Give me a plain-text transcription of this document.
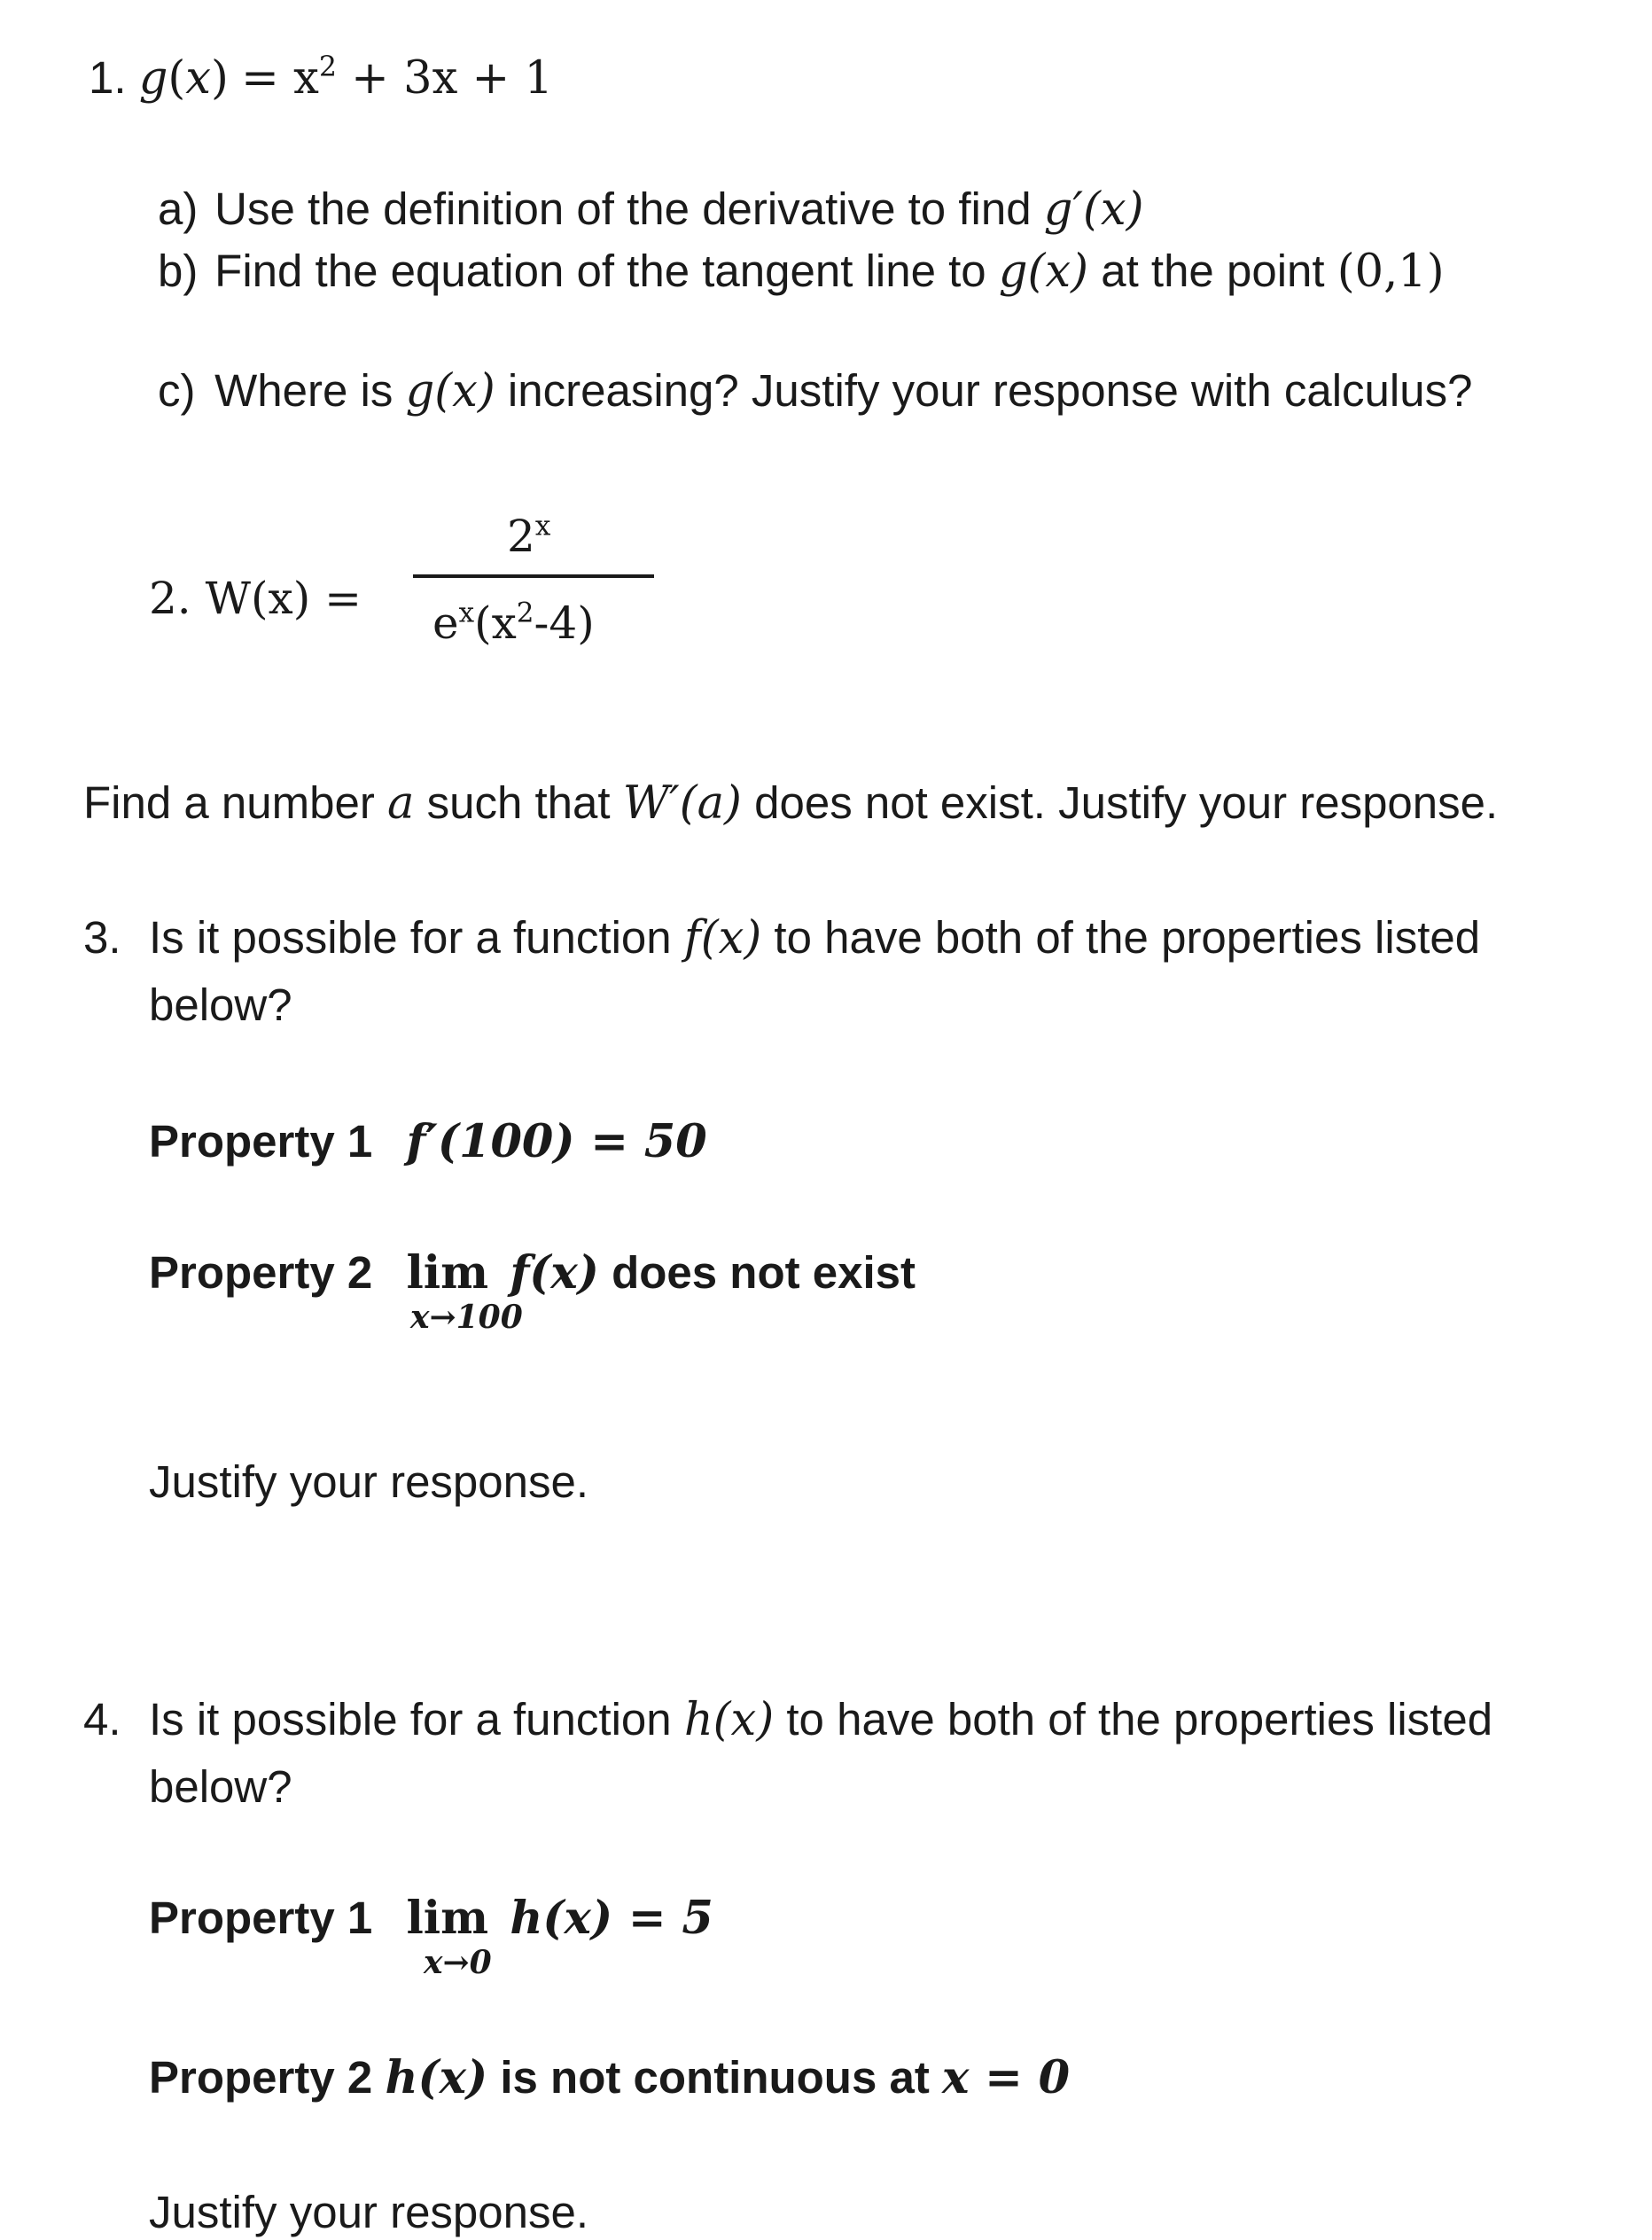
1. $g(x) = x^2 + 3x + 1$
a) Use the definition of the derivative to find g′(x)
b) Find the equation of the tangent line to g(x) at the point (0,1)
c) Where is g(x) increasing? Justify your response with calculus?
2. W(x) =
$2^x$
$e^x(x^2-4)$
Find a number a such that W′(a) does not exist. Justify your response.
3. Is it possible for a function f(x) to have both of the properties listed
below?
Property 1 f′(100) = 50
Property 2 lim f(x) does not exist
x→100
Justify your response.
4. Is it possible for a function h(x) to have both of the properties listed
below?
Property 1 lim h(x) = 5
x→0
Property 2 h(x) is not continuous at x = 0
Justify your response.
